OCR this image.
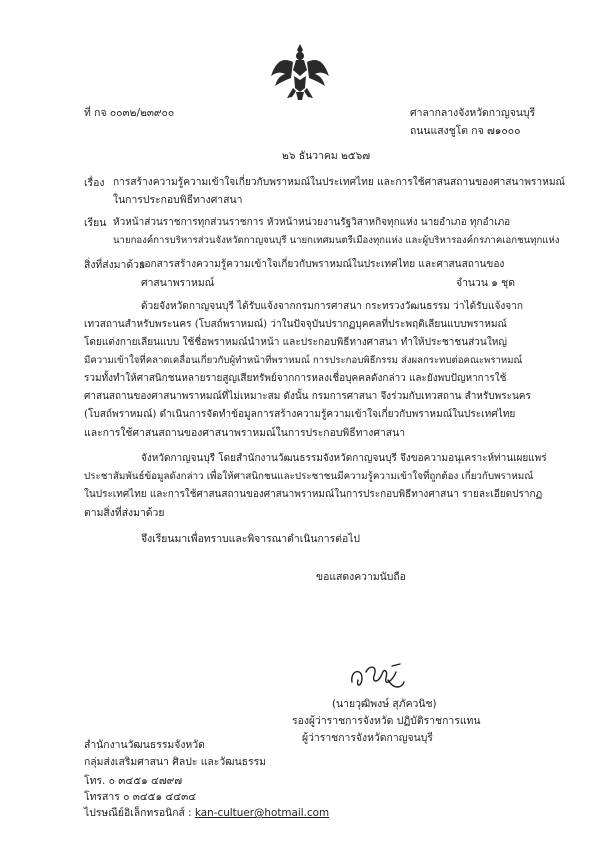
ที่ กจ ๐๐๓๒/๒๓๙๐๐	ศาลากลางจังหวัดกาญจนบุรี
ถนนแสงชูโต กจ ๗๑๐๐๐
๒๖ ธันวาคม ๒๕๖๗
เรื่อง การสร้างความรู้ความเข้าใจเกี่ยวกับพราหมณ์ในประเทศไทย และการใช้ศาสนสถานของศาสนาพราหมณ์
ในการประกอบพิธีทางศาสนา
เรียน หัวหน้าส่วนราชการทุกส่วนราชการ หัวหน้าหน่วยงานรัฐวิสาหกิจทุกแห่ง นายอำเภอ ทุกอำเภอ
นายกองค์การบริหารส่วนจังหวัดกาญจนบุรี นายกเทศมนตรีเมืองทุกแห่ง และผู้บริหารองค์กรภาคเอกชนทุกแห่ง
สิ่งที่ส่งมาด้วย
เอกสารสร้างความรู้ความเข้าใจเกี่ยวกับพราหมณ์ในประเทศไทย และศาสนสถานของ
ศาสนาพราหมณ์	จำนวน ๑ ชุด
ด้วยจังหวัดกาญจนบุรี ได้รับแจ้งจากกรมการศาสนา กระทรวงวัฒนธรรม ว่าได้รับแจ้งจาก
เทวสถานสำหรับพระนคร (โบสถ์พราหมณ์) ว่าในปัจจุบันปรากฏบุคคลที่ประพฤติเลียนแบบพราหมณ์
โดยแต่งกายเลียนแบบ ใช้ชื่อพราหมณ์นำหน้า และประกอบพิธีทางศาสนา ทำให้ประชาชนส่วนใหญ่
มีความเข้าใจที่คลาดเคลื่อนเกี่ยวกับผู้ทำหน้าที่พราหมณ์ การประกอบพิธีกรรม ส่งผลกระทบต่อคณะพราหมณ์
รวมทั้งทำให้ศาสนิกชนหลายรายสูญเสียทรัพย์จากการหลงเชื่อบุคคลดังกล่าว และยังพบปัญหาการใช้
ศาสนสถานของศาสนาพราหมณ์ที่ไม่เหมาะสม ดังนั้น กรมการศาสนา จึงร่วมกับเทวสถาน สำหรับพระนคร
(โบสถ์พราหมณ์) ดำเนินการจัดทำข้อมูลการสร้างความรู้ความเข้าใจเกี่ยวกับพราหมณ์ในประเทศไทย
และการใช้ศาสนสถานของศาสนาพราหมณ์ในการประกอบพิธีทางศาสนา
จังหวัดกาญจนบุรี โดยสำนักงานวัฒนธรรมจังหวัดกาญจนบุรี จึงขอความอนุเคราะห์ท่านเผยแพร่
ประชาสัมพันธ์ข้อมูลดังกล่าว เพื่อให้ศาสนิกชนและประชาชนมีความรู้ความเข้าใจที่ถูกต้อง เกี่ยวกับพราหมณ์
ในประเทศไทย และการใช้ศาสนสถานของศาสนาพราหมณ์ในการประกอบพิธีทางศาสนา รายละเอียดปรากฏ
ตามสิ่งที่ส่งมาด้วย
จึงเรียนมาเพื่อทราบและพิจารณาดำเนินการต่อไป
ขอแสดงความนับถือ
(นายวุฒิพงษ์ สุภัควนิช)
รองผู้ว่าราชการจังหวัด ปฏิบัติราชการแทน
ผู้ว่าราชการจังหวัดกาญจนบุรี
สำนักงานวัฒนธรรมจังหวัด
กลุ่มส่งเสริมศาสนา ศิลปะ และวัฒนธรรม
โทร. ๐ ๓๔๕๑ ๔๗๙๗
โทรสาร ๐ ๓๔๕๑ ๔๔๓๔
ไปรษณีย์อิเล็กทรอนิกส์ : kan-cultuer@hotmail.com
